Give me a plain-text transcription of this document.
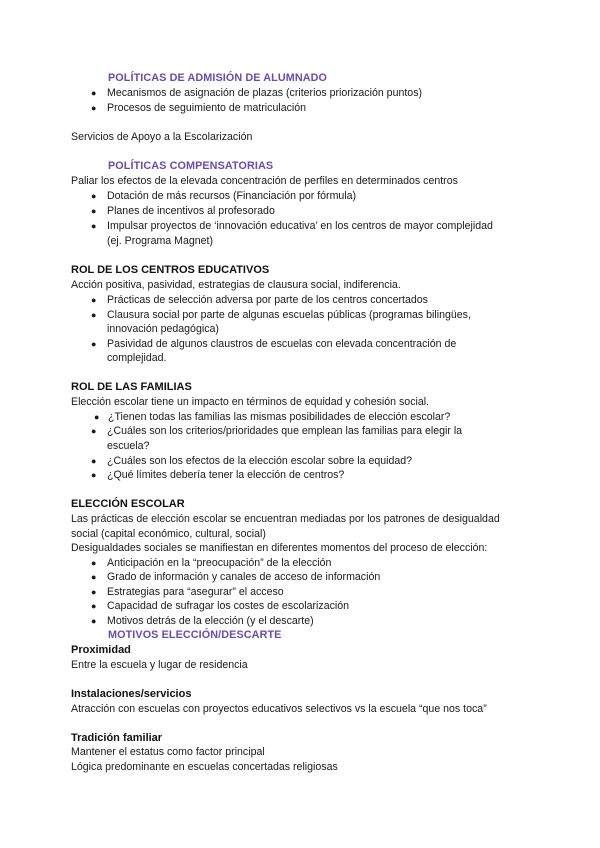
POLÍTICAS DE ADMISIÓN DE ALUMNADO
● Mecanismos de asignación de plazas (criterios priorización puntos)
● Procesos de seguimiento de matriculación
Servicios de Apoyo a la Escolarización
POLÍTICAS COMPENSATORIAS
Paliar los efectos de la elevada concentración de perfiles en determinados centros
● Dotación de más recursos (Financiación por fórmula)
● Planes de incentivos al profesorado
● Impulsar proyectos de ‘innovación educativa’ en los centros de mayor complejidad
(ej. Programa Magnet)
ROL DE LOS CENTROS EDUCATIVOS
Acción positiva, pasividad, estrategias de clausura social, indiferencia.
● Prácticas de selección adversa por parte de los centros concertados
● Clausura social por parte de algunas escuelas públicas (programas bilingües,
innovación pedagógica)
● Pasividad de algunos claustros de escuelas con elevada concentración de
complejidad.
ROL DE LAS FAMILIAS
Elección escolar tiene un impacto en términos de equidad y cohesión social.
● ¿Tienen todas las familias las mismas posibilidades de elección escolar?
● ¿Cuáles son los criterios/prioridades que emplean las familias para elegir la
escuela?
● ¿Cuáles son los efectos de la elección escolar sobre la equidad?
● ¿Qué límites debería tener la elección de centros?
ELECCIÓN ESCOLAR
Las prácticas de elección escolar se encuentran mediadas por los patrones de desigualdad
social (capital económico, cultural, social)
Desigualdades sociales se manifiestan en diferentes momentos del proceso de elección:
● Anticipación en la “preocupación” de la elección
● Grado de información y canales de acceso de información
● Estrategias para “asegurar” el acceso
● Capacidad de sufragar los costes de escolarización
● Motivos detrás de la elección (y el descarte)
MOTIVOS ELECCIÓN/DESCARTE
Proximidad
Entre la escuela y lugar de residencia
Instalaciones/servicios
Atracción con escuelas con proyectos educativos selectivos vs la escuela “que nos toca”
Tradición familiar
Mantener el estatus como factor principal
Lógica predominante en escuelas concertadas religiosas
